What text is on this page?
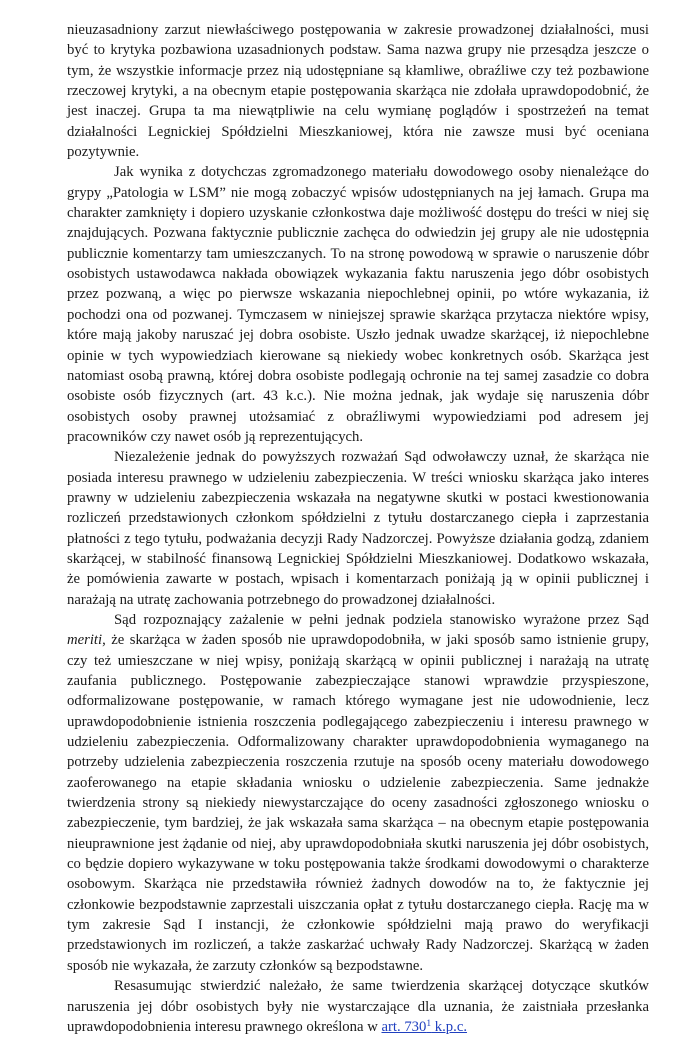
nieuzasadniony zarzut niewłaściwego postępowania w zakresie prowadzonej działalności, musi być to krytyka pozbawiona uzasadnionych podstaw. Sama nazwa grupy nie przesądza jeszcze o tym, że wszystkie informacje przez nią udostępniane są kłamliwe, obraźliwe czy też pozbawione rzeczowej krytyki, a na obecnym etapie postępowania skarżąca nie zdołała uprawdopodobnić, że jest inaczej. Grupa ta ma niewątpliwie na celu wymianę poglądów i spostrzeżeń na temat działalności Legnickiej Spółdzielni Mieszkaniowej, która nie zawsze musi być oceniana pozytywnie.

Jak wynika z dotychczas zgromadzonego materiału dowodowego osoby nienależące do grypy „Patologia w LSM” nie mogą zobaczyć wpisów udostępnianych na jej łamach. Grupa ma charakter zamknięty i dopiero uzyskanie członkostwa daje możliwość dostępu do treści w niej się znajdujących. Pozwana faktycznie publicznie zachęca do odwiedzin jej grupy ale nie udostępnia publicznie komentarzy tam umieszczanych. To na stronę powodową w sprawie o naruszenie dóbr osobistych ustawodawca nakłada obowiązek wykazania faktu naruszenia jego dóbr osobistych przez pozwaną, a więc po pierwsze wskazania niepochlebnej opinii, po wtóre wykazania, iż pochodzi ona od pozwanej. Tymczasem w niniejszej sprawie skarżąca przytacza niektóre wpisy, które mają jakoby naruszać jej dobra osobiste. Uszło jednak uwadze skarżącej, iż niepochlebne opinie w tych wypowiedziach kierowane są niekiedy wobec konkretnych osób. Skarżąca jest natomiast osobą prawną, której dobra osobiste podlegają ochronie na tej samej zasadzie co dobra osobiste osób fizycznych (art. 43 k.c.). Nie można jednak, jak wydaje się naruszenia dóbr osobistych osoby prawnej utożsamiać z obraźliwymi wypowiedziami pod adresem jej pracowników czy nawet osób ją reprezentujących.

Niezależenie jednak do powyższych rozważań Sąd odwoławczy uznał, że skarżąca nie posiada interesu prawnego w udzieleniu zabezpieczenia. W treści wniosku skarżąca jako interes prawny w udzieleniu zabezpieczenia wskazała na negatywne skutki w postaci kwestionowania rozliczeń przedstawionych członkom spółdzielni z tytułu dostarczanego ciepła i zaprzestania płatności z tego tytułu, podważania decyzji Rady Nadzorczej. Powyższe działania godzą, zdaniem skarżącej, w stabilność finansową Legnickiej Spółdzielni Mieszkaniowej. Dodatkowo wskazała, że pomówienia zawarte w postach, wpisach i komentarzach poniżają ją w opinii publicznej i narażają na utratę zachowania potrzebnego do prowadzonej działalności.

Sąd rozpoznający zażalenie w pełni jednak podziela stanowisko wyrażone przez Sąd meriti, że skarżąca w żaden sposób nie uprawdopodobniła, w jaki sposób samo istnienie grupy, czy też umieszczane w niej wpisy, poniżają skarżącą w opinii publicznej i narażają na utratę zaufania publicznego. Postępowanie zabezpieczające stanowi wprawdzie przyspieszone, odformalizowane postępowanie, w ramach którego wymagane jest nie udowodnienie, lecz uprawdopodobnienie istnienia roszczenia podlegającego zabezpieczeniu i interesu prawnego w udzieleniu zabezpieczenia. Odformalizowany charakter uprawdopodobnienia wymaganego na potrzeby udzielenia zabezpieczenia roszczenia rzutuje na sposób oceny materiału dowodowego zaoferowanego na etapie składania wniosku o udzielenie zabezpieczenia. Same jednakże twierdzenia strony są niekiedy niewystarczające do oceny zasadności zgłoszonego wniosku o zabezpieczenie, tym bardziej, że jak wskazała sama skarżąca – na obecnym etapie postępowania nieuprawnione jest żądanie od niej, aby uprawdopodobniała skutki naruszenia jej dóbr osobistych, co będzie dopiero wykazywane w toku postępowania także środkami dowodowymi o charakterze osobowym. Skarżąca nie przedstawiła również żadnych dowodów na to, że faktycznie jej członkowie bezpodstawnie zaprzestali uiszczania opłat z tytułu dostarczanego ciepła. Rację ma w tym zakresie Sąd I instancji, że członkowie spółdzielni mają prawo do weryfikacji przedstawionych im rozliczeń, a także zaskarżać uchwały Rady Nadzorczej. Skarżącą w żaden sposób nie wykazała, że zarzuty członków są bezpodstawne.

Resasumując stwierdzić należało, że same twierdzenia skarżącej dotyczące skutków naruszenia jej dóbr osobistych były nie wystarczające dla uznania, że zaistniała przesłanka uprawdopodobnienia interesu prawnego określona w art. $730^1$ k.p.c.
